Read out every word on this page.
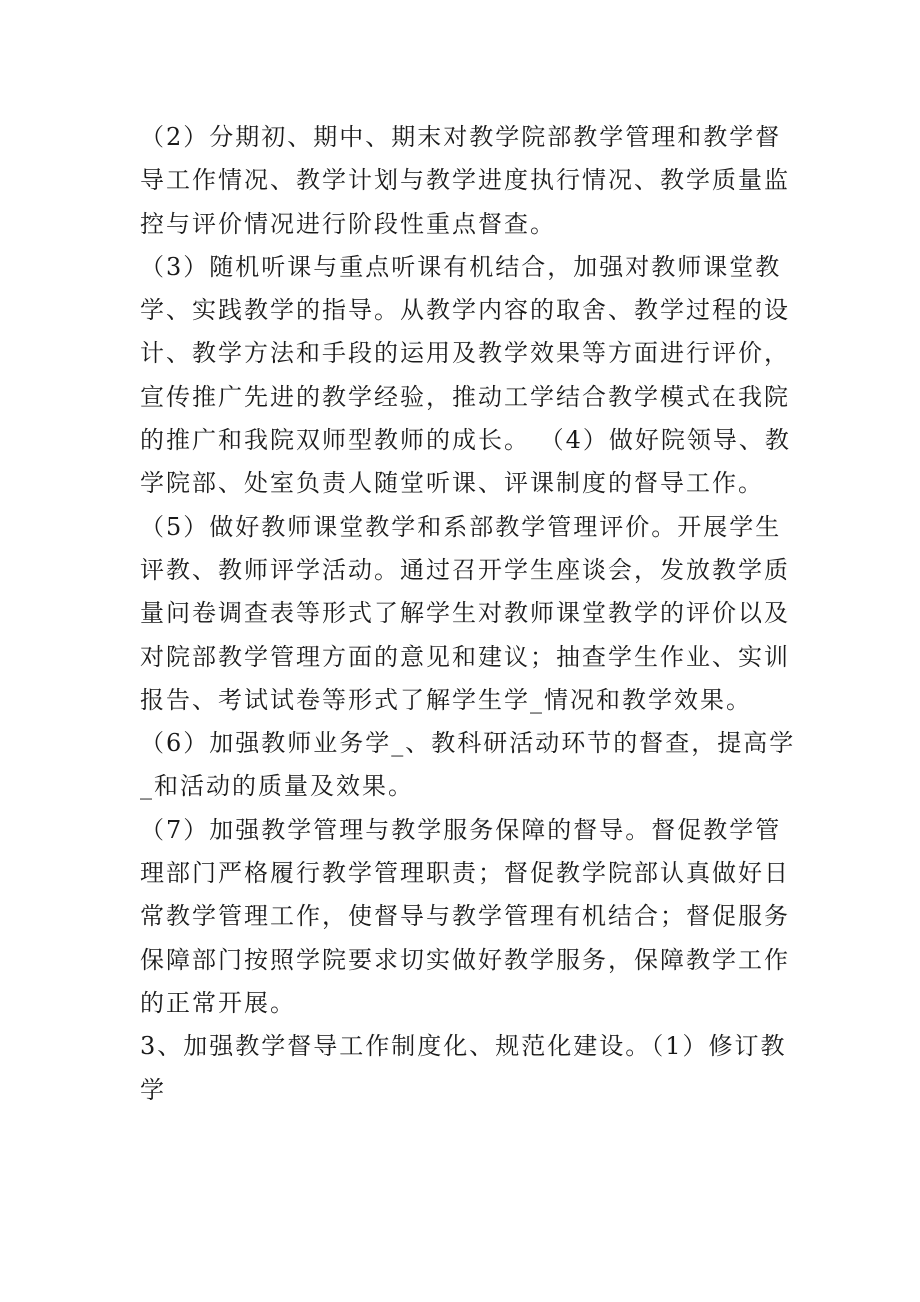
（2）分期初、期中、期末对教学院部教学管理和教学督导工作情况、教学计划与教学进度执行情况、教学质量监控与评价情况进行阶段性重点督查。

（3）随机听课与重点听课有机结合，加强对教师课堂教学、实践教学的指导。从教学内容的取舍、教学过程的设计、教学方法和手段的运用及教学效果等方面进行评价，宣传推广先进的教学经验，推动工学结合教学模式在我院的推广和我院双师型教师的成长。 （4）做好院领导、教学院部、处室负责人随堂听课、评课制度的督导工作。

（5）做好教师课堂教学和系部教学管理评价。开展学生评教、教师评学活动。通过召开学生座谈会，发放教学质量问卷调查表等形式了解学生对教师课堂教学的评价以及对院部教学管理方面的意见和建议；抽查学生作业、实训报告、考试试卷等形式了解学生学_情况和教学效果。

（6）加强教师业务学_、教科研活动环节的督查，提高学_和活动的质量及效果。

（7）加强教学管理与教学服务保障的督导。督促教学管理部门严格履行教学管理职责；督促教学院部认真做好日常教学管理工作，使督导与教学管理有机结合；督促服务保障部门按照学院要求切实做好教学服务，保障教学工作的正常开展。

3、加强教学督导工作制度化、规范化建设。（1）修订教学
